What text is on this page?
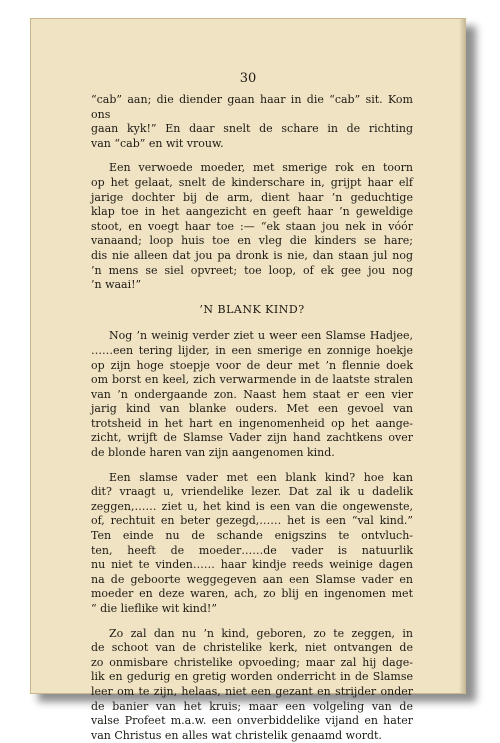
30
“cab” aan; die diender gaan haar in die “cab” sit. Kom ons
gaan kyk!” En daar snelt de schare in de richting
van “cab” en wit vrouw.
Een verwoede moeder, met smerige rok en toorn
op het gelaat, snelt de kinderschare in, grijpt haar elf
jarige dochter bij de arm, dient haar ’n geduchtige
klap toe in het aangezicht en geeft haar ’n geweldige
stoot, en voegt haar toe :— “ek staan jou nek in vóór
vanaand; loop huis toe en vleg die kinders se hare;
dis nie alleen dat jou pa dronk is nie, dan staan jul nog
’n mens se siel opvreet; toe loop, of ek gee jou nog
’n waai!”
’N BLANK KIND?
Nog ’n weinig verder ziet u weer een Slamse Hadjee,
……een tering lijder, in een smerige en zonnige hoekje
op zijn hoge stoepje voor de deur met ’n flennie doek
om borst en keel, zich verwarmende in de laatste stralen
van ’n ondergaande zon. Naast hem staat er een vier
jarig kind van blanke ouders. Met een gevoel van
trotsheid in het hart en ingenomenheid op het aange-
zicht, wrijft de Slamse Vader zijn hand zachtkens over
de blonde haren van zijn aangenomen kind.
Een slamse vader met een blank kind? hoe kan
dit? vraagt u, vriendelike lezer. Dat zal ik u dadelik
zeggen,…… ziet u, het kind is een van die ongewenste,
of, rechtuit en beter gezegd,…… het is een “val kind.”
Ten einde nu de schande enigszins te ontvluch-
ten, heeft de moeder……de vader is natuurlik
nu niet te vinden…… haar kindje reeds weinige dagen
na de geboorte weggegeven aan een Slamse vader en
moeder en deze waren, ach, zo blij en ingenomen met
“ die lieflike wit kind!”
Zo zal dan nu ’n kind, geboren, zo te zeggen, in
de schoot van de christelike kerk, niet ontvangen de
zo onmisbare christelike opvoeding; maar zal hij dage-
lik en gedurig en gretig worden onderricht in de Slamse
leer om te zijn, helaas, niet een gezant en strijder onder
de banier van het kruis; maar een volgeling van de
valse Profeet m.a.w. een onverbiddelike vijand en hater
van Christus en alles wat christelik genaamd wordt.
